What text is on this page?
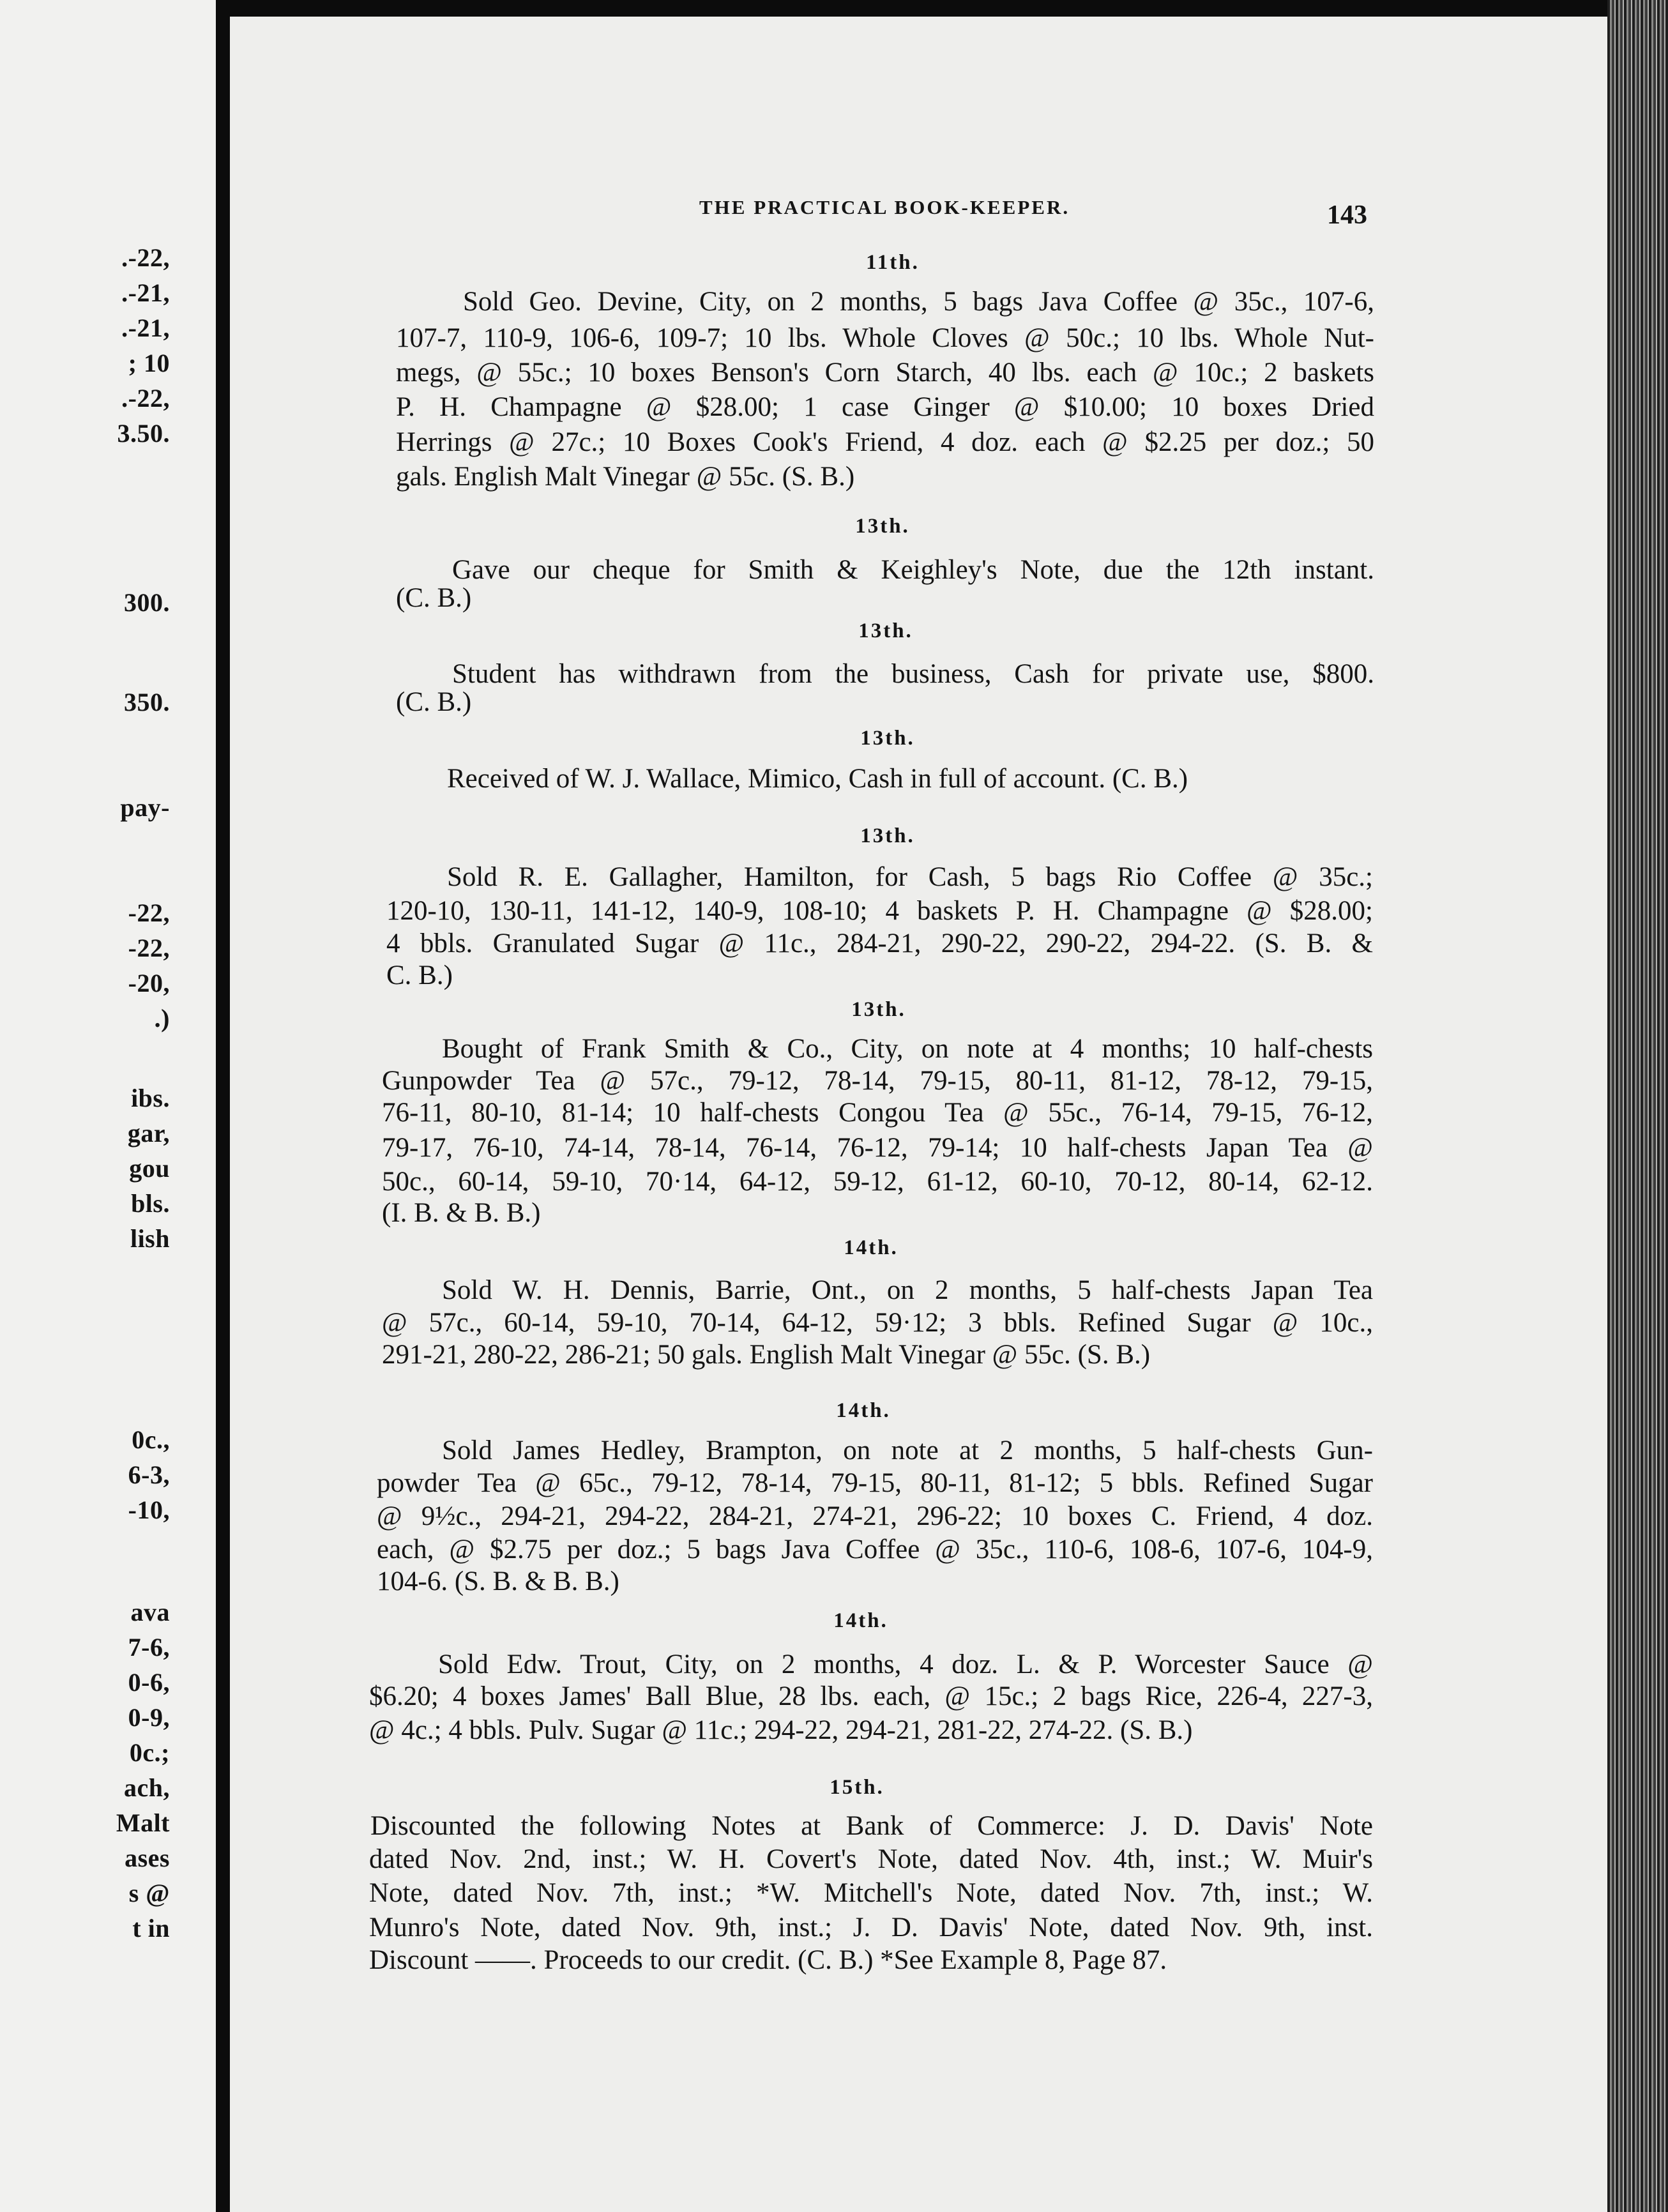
.-22,
.-21,
.-21,
; 10
.-22,
3.50.
300.
350.
pay-
-22,
-22,
-20,
.)
ibs.
gar,
gou
bls.
lish
0c.,
6-3,
-10,
ava
7-6,
0-6,
0-9,
0c.;
ach,
Malt
ases
s @
t in
THE PRACTICAL BOOK-KEEPER.	143
11th.
Sold Geo. Devine, City, on 2 months, 5 bags Java Coffee @ 35c., 107-6,
107-7, 110-9, 106-6, 109-7; 10 lbs. Whole Cloves @ 50c.; 10 lbs. Whole Nut-
megs, @ 55c.; 10 boxes Benson's Corn Starch, 40 lbs. each @ 10c.; 2 baskets
P. H. Champagne @ $28.00; 1 case Ginger @ $10.00; 10 boxes Dried
Herrings @ 27c.; 10 Boxes Cook's Friend, 4 doz. each @ $2.25 per doz.; 50
gals. English Malt Vinegar @ 55c. (S. B.)
13th.
Gave our cheque for Smith & Keighley's Note, due the 12th instant.
(C. B.)
13th.
Student has withdrawn from the business, Cash for private use, $800.
(C. B.)
13th.
Received of W. J. Wallace, Mimico, Cash in full of account. (C. B.)
13th.
Sold R. E. Gallagher, Hamilton, for Cash, 5 bags Rio Coffee @ 35c.;
120-10, 130-11, 141-12, 140-9, 108-10; 4 baskets P. H. Champagne @ $28.00;
4 bbls. Granulated Sugar @ 11c., 284-21, 290-22, 290-22, 294-22. (S. B. &
C. B.)
13th.
Bought of Frank Smith & Co., City, on note at 4 months; 10 half-chests
Gunpowder Tea @ 57c., 79-12, 78-14, 79-15, 80-11, 81-12, 78-12, 79-15,
76-11, 80-10, 81-14; 10 half-chests Congou Tea @ 55c., 76-14, 79-15, 76-12,
79-17, 76-10, 74-14, 78-14, 76-14, 76-12, 79-14; 10 half-chests Japan Tea @
50c., 60-14, 59-10, 70·14, 64-12, 59-12, 61-12, 60-10, 70-12, 80-14, 62-12.
(I. B. & B. B.)
14th.
Sold W. H. Dennis, Barrie, Ont., on 2 months, 5 half-chests Japan Tea
@ 57c., 60-14, 59-10, 70-14, 64-12, 59·12; 3 bbls. Refined Sugar @ 10c.,
291-21, 280-22, 286-21; 50 gals. English Malt Vinegar @ 55c. (S. B.)
14th.
Sold James Hedley, Brampton, on note at 2 months, 5 half-chests Gun-
powder Tea @ 65c., 79-12, 78-14, 79-15, 80-11, 81-12; 5 bbls. Refined Sugar
@ 9½c., 294-21, 294-22, 284-21, 274-21, 296-22; 10 boxes C. Friend, 4 doz.
each, @ $2.75 per doz.; 5 bags Java Coffee @ 35c., 110-6, 108-6, 107-6, 104-9,
104-6. (S. B. & B. B.)
14th.
Sold Edw. Trout, City, on 2 months, 4 doz. L. & P. Worcester Sauce @
$6.20; 4 boxes James' Ball Blue, 28 lbs. each, @ 15c.; 2 bags Rice, 226-4, 227-3,
@ 4c.; 4 bbls. Pulv. Sugar @ 11c.; 294-22, 294-21, 281-22, 274-22. (S. B.)
15th.
Discounted the following Notes at Bank of Commerce: J. D. Davis' Note
dated Nov. 2nd, inst.; W. H. Covert's Note, dated Nov. 4th, inst.; W. Muir's
Note, dated Nov. 7th, inst.; *W. Mitchell's Note, dated Nov. 7th, inst.; W.
Munro's Note, dated Nov. 9th, inst.; J. D. Davis' Note, dated Nov. 9th, inst.
Discount ——. Proceeds to our credit. (C. B.) *See Example 8, Page 87.
